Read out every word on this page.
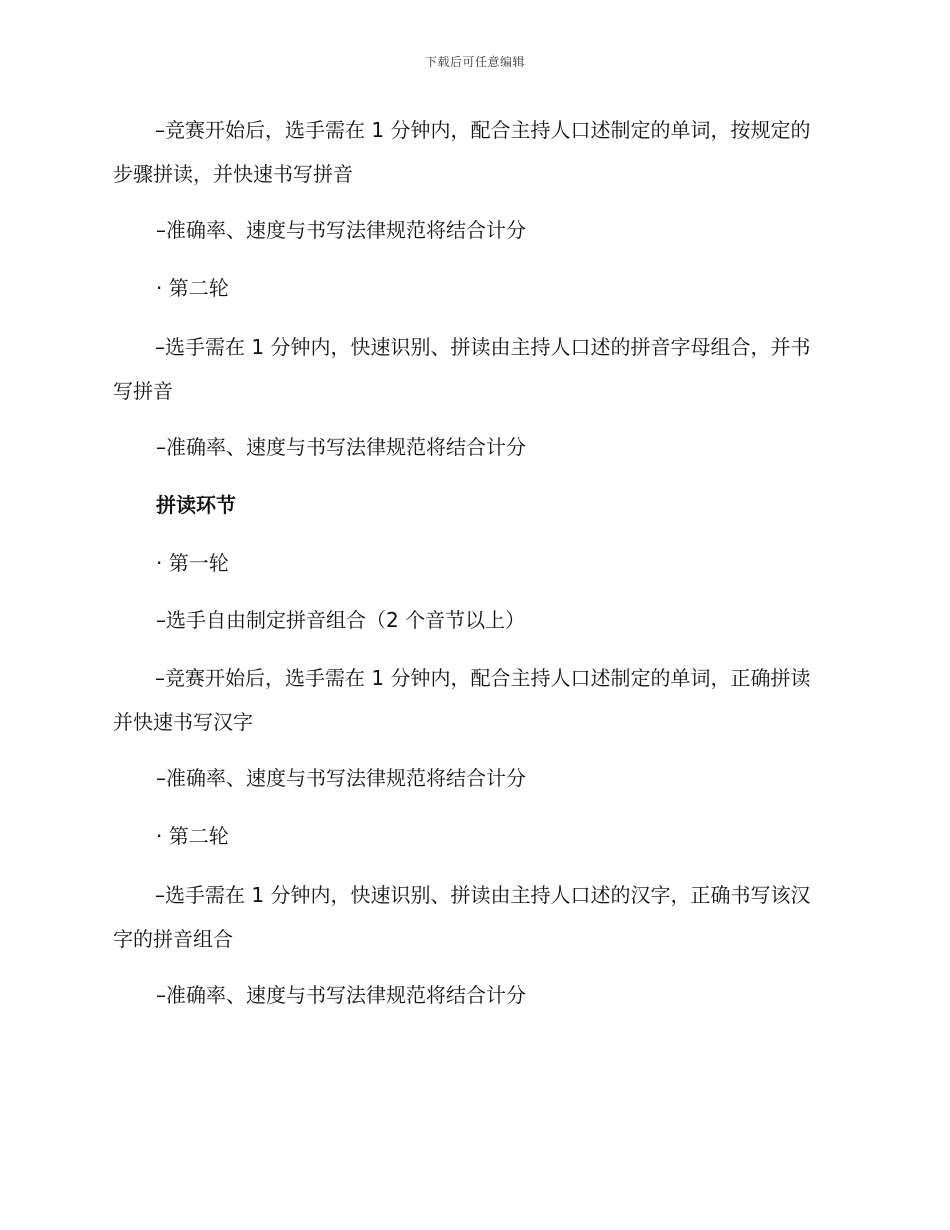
下载后可任意编辑

–竞赛开始后，选手需在 1 分钟内，配合主持人口述制定的单词，按规定的步骤拼读，并快速书写拼音

–准确率、速度与书写法律规范将结合计分

· 第二轮

–选手需在 1 分钟内，快速识别、拼读由主持人口述的拼音字母组合，并书写拼音

–准确率、速度与书写法律规范将结合计分

拼读环节

· 第一轮

–选手自由制定拼音组合（2 个音节以上）

–竞赛开始后，选手需在 1 分钟内，配合主持人口述制定的单词，正确拼读并快速书写汉字

–准确率、速度与书写法律规范将结合计分

· 第二轮

–选手需在 1 分钟内，快速识别、拼读由主持人口述的汉字，正确书写该汉字的拼音组合

–准确率、速度与书写法律规范将结合计分
